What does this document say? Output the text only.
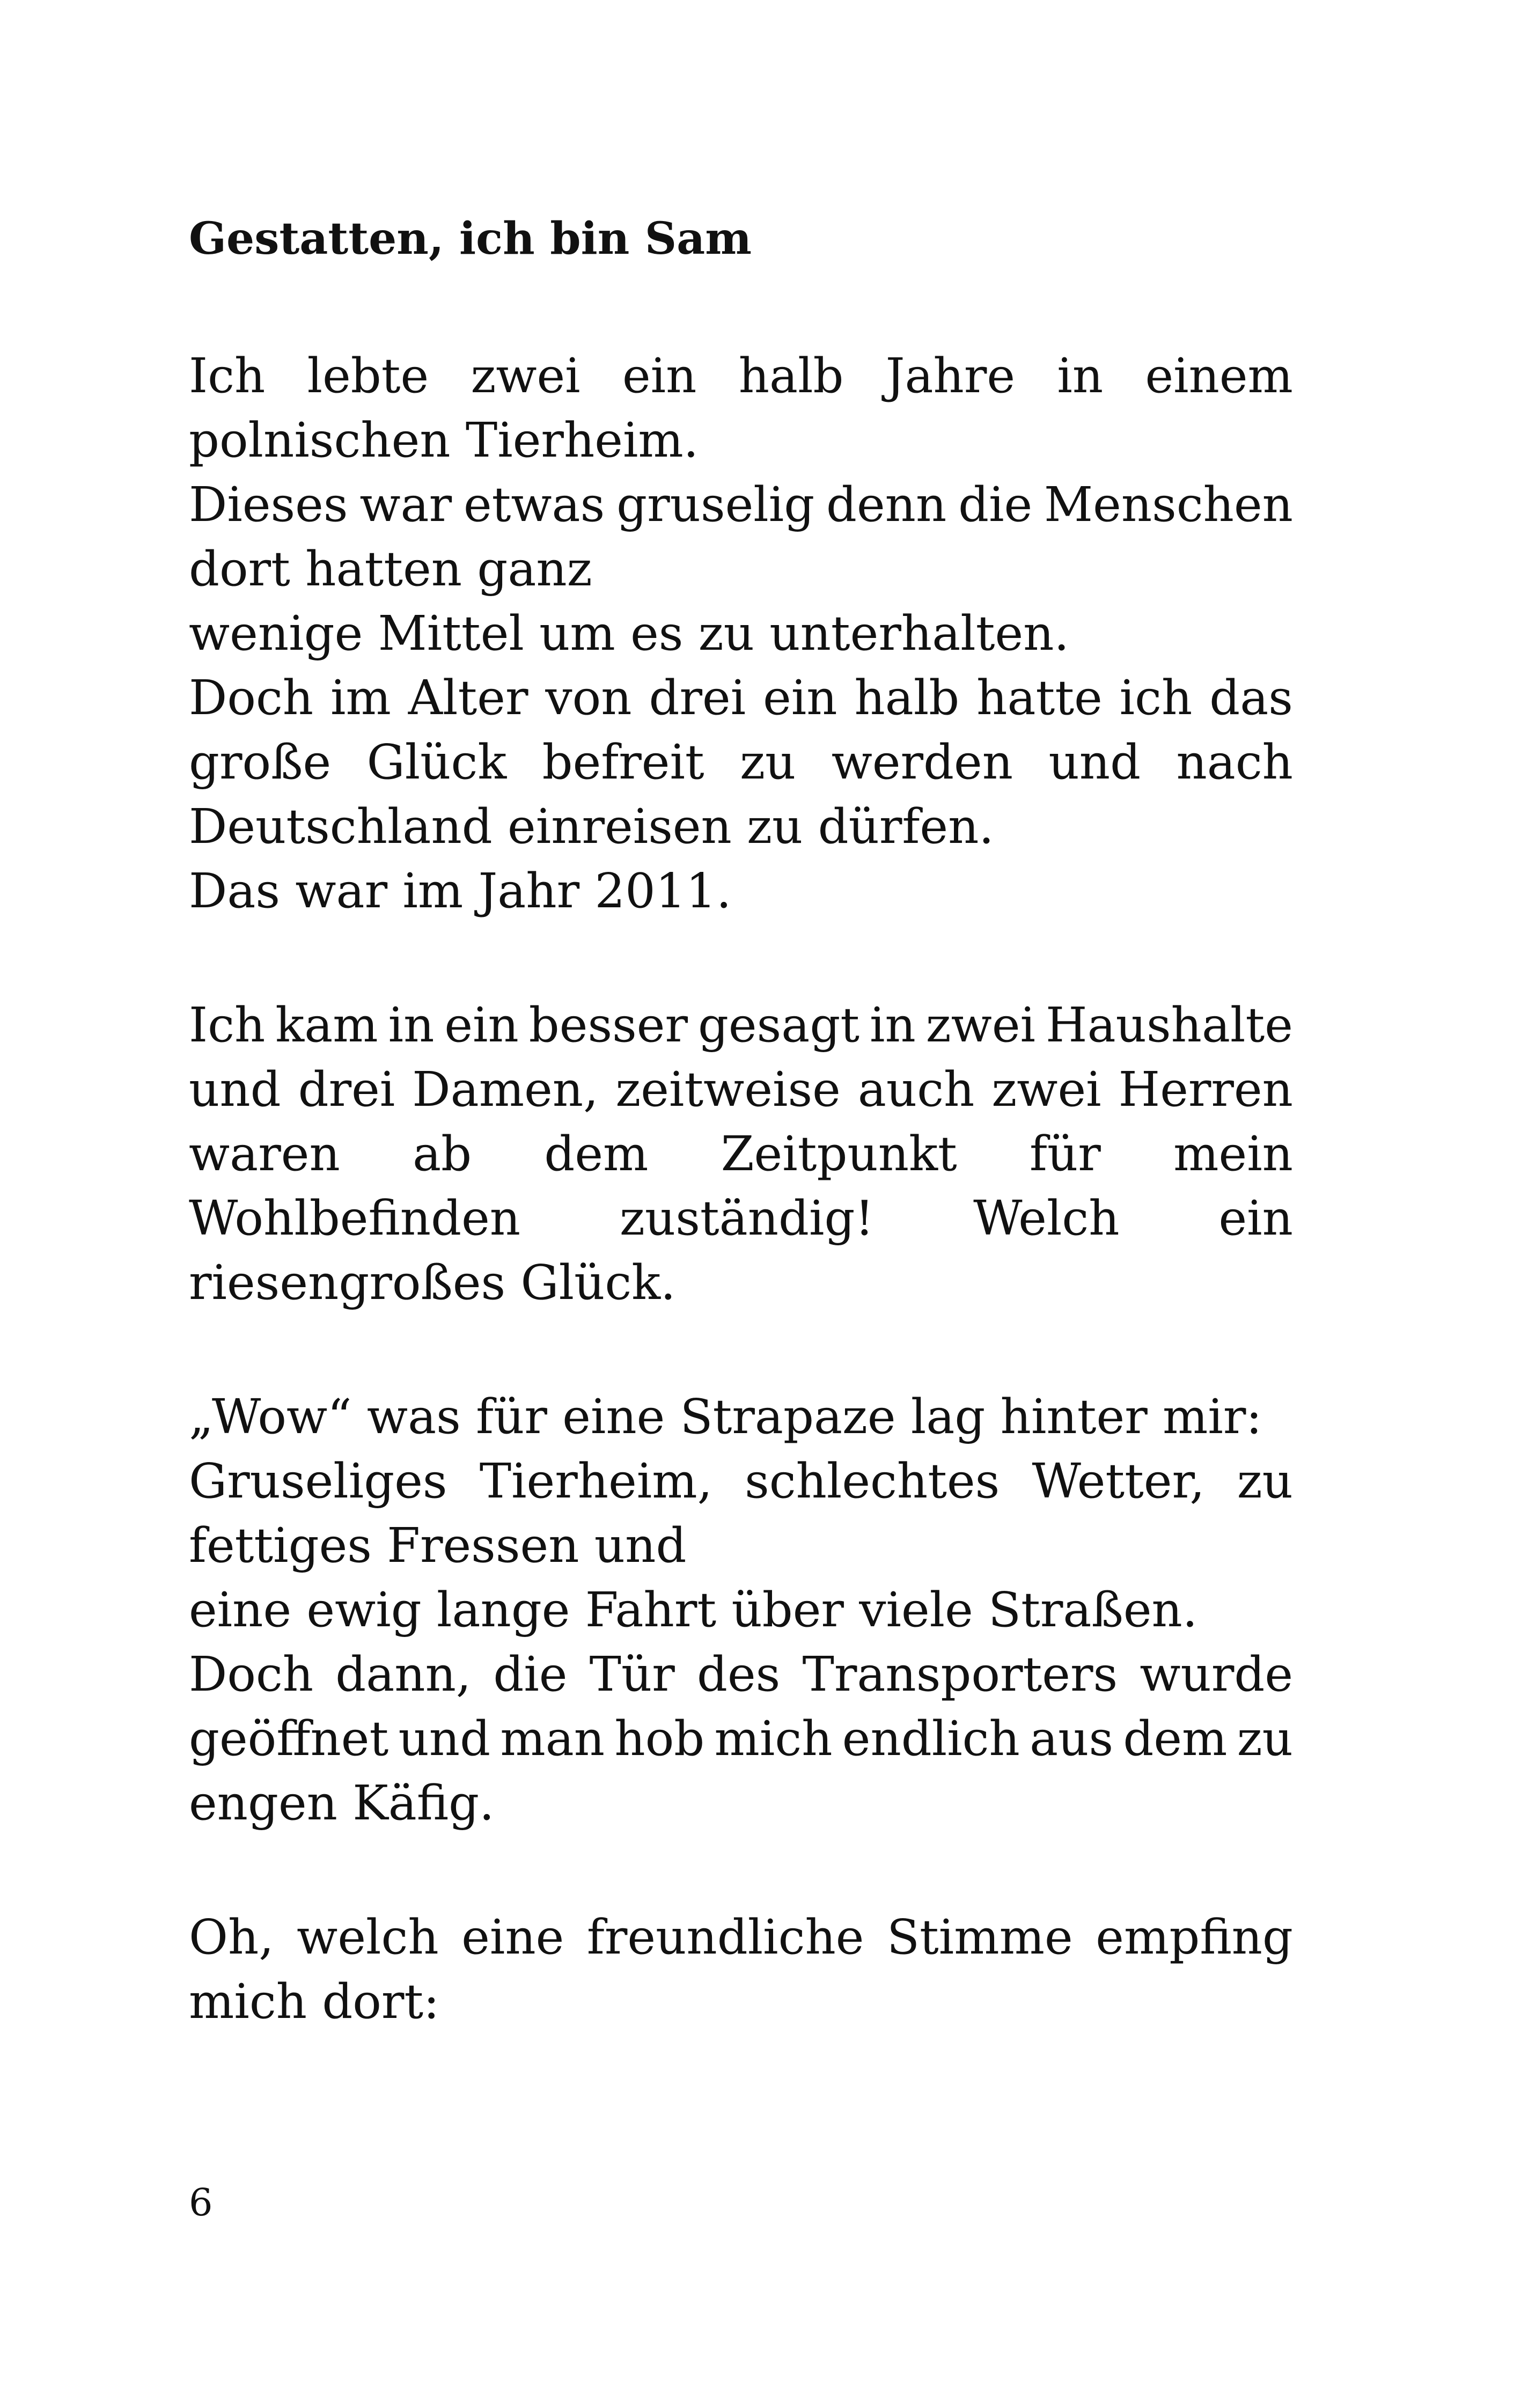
Gestatten, ich bin Sam
Ich lebte zwei ein halb Jahre in einem
polnischen Tierheim.
Dieses war etwas gruselig denn die Menschen
dort hatten ganz
wenige Mittel um es zu unterhalten.
Doch im Alter von drei ein halb hatte ich das
große Glück befreit zu werden und nach
Deutschland einreisen zu dürfen.
Das war im Jahr 2011.
Ich kam in ein besser gesagt in zwei Haushalte
und drei Damen, zeitweise auch zwei Herren
waren ab dem Zeitpunkt für mein
Wohlbefinden zuständig! Welch ein
riesengroßes Glück.
„Wow“ was für eine Strapaze lag hinter mir:
Gruseliges Tierheim, schlechtes Wetter, zu
fettiges Fressen und
eine ewig lange Fahrt über viele Straßen.
Doch dann, die Tür des Transporters wurde
geöffnet und man hob mich endlich aus dem zu
engen Käfig.
Oh, welch eine freundliche Stimme empfing
mich dort:
6
